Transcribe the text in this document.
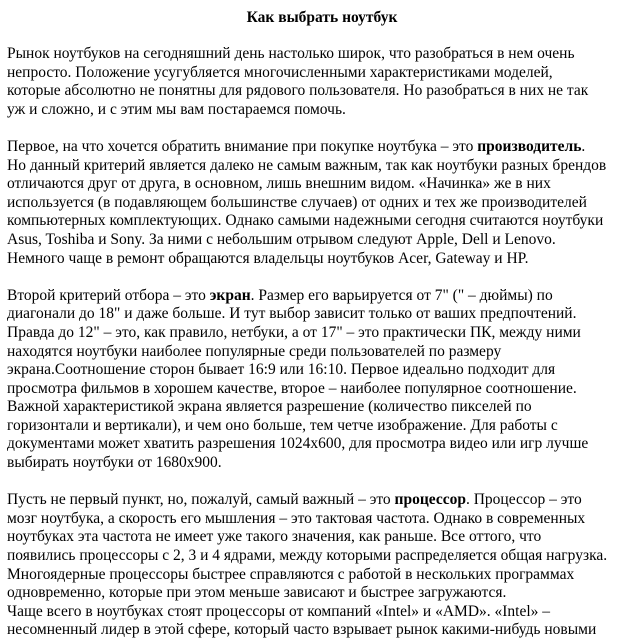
Как выбрать ноутбук
Рынок ноутбуков на сегодняшний день настолько широк, что разобраться в нем очень
непросто. Положение усугубляется многочисленными характеристиками моделей,
которые абсолютно не понятны для рядового пользователя. Но разобраться в них не так
уж и сложно, и с этим мы вам постараемся помочь.
Первое, на что хочется обратить внимание при покупке ноутбука – это производитель.
Но данный критерий является далеко не самым важным, так как ноутбуки разных брендов
отличаются друг от друга, в основном, лишь внешним видом. «Начинка» же в них
используется (в подавляющем большинстве случаев) от одних и тех же производителей
компьютерных комплектующих. Однако самыми надежными сегодня считаются ноутбуки
Asus, Toshiba и Sony. За ними с небольшим отрывом следуют Apple, Dell и Lenovo.
Немного чаще в ремонт обращаются владельцы ноутбуков Acer, Gateway и HP.
Второй критерий отбора – это экран. Размер его варьируется от 7" (" – дюймы) по
диагонали до 18" и даже больше. И тут выбор зависит только от ваших предпочтений.
Правда до 12" – это, как правило, нетбуки, а от 17" – это практически ПК, между ними
находятся ноутбуки наиболее популярные среди пользователей по размеру
экрана.Соотношение сторон бывает 16:9 или 16:10. Первое идеально подходит для
просмотра фильмов в хорошем качестве, второе – наиболее популярное соотношение.
Важной характеристикой экрана является разрешение (количество пикселей по
горизонтали и вертикали), и чем оно больше, тем четче изображение. Для работы с
документами может хватить разрешения 1024х600, для просмотра видео или игр лучше
выбирать ноутбуки от 1680х900.
Пусть не первый пункт, но, пожалуй, самый важный – это процессор. Процессор – это
мозг ноутбука, а скорость его мышления – это тактовая частота. Однако в современных
ноутбуках эта частота не имеет уже такого значения, как раньше. Все оттого, что
появились процессоры с 2, 3 и 4 ядрами, между которыми распределяется общая нагрузка.
Многоядерные процессоры быстрее справляются с работой в нескольких программах
одновременно, которые при этом меньше зависают и быстрее загружаются.
Чаще всего в ноутбуках стоят процессоры от компаний «Intel» и «AMD». «Intel» –
несомненный лидер в этой сфере, который часто взрывает рынок какими-нибудь новыми
